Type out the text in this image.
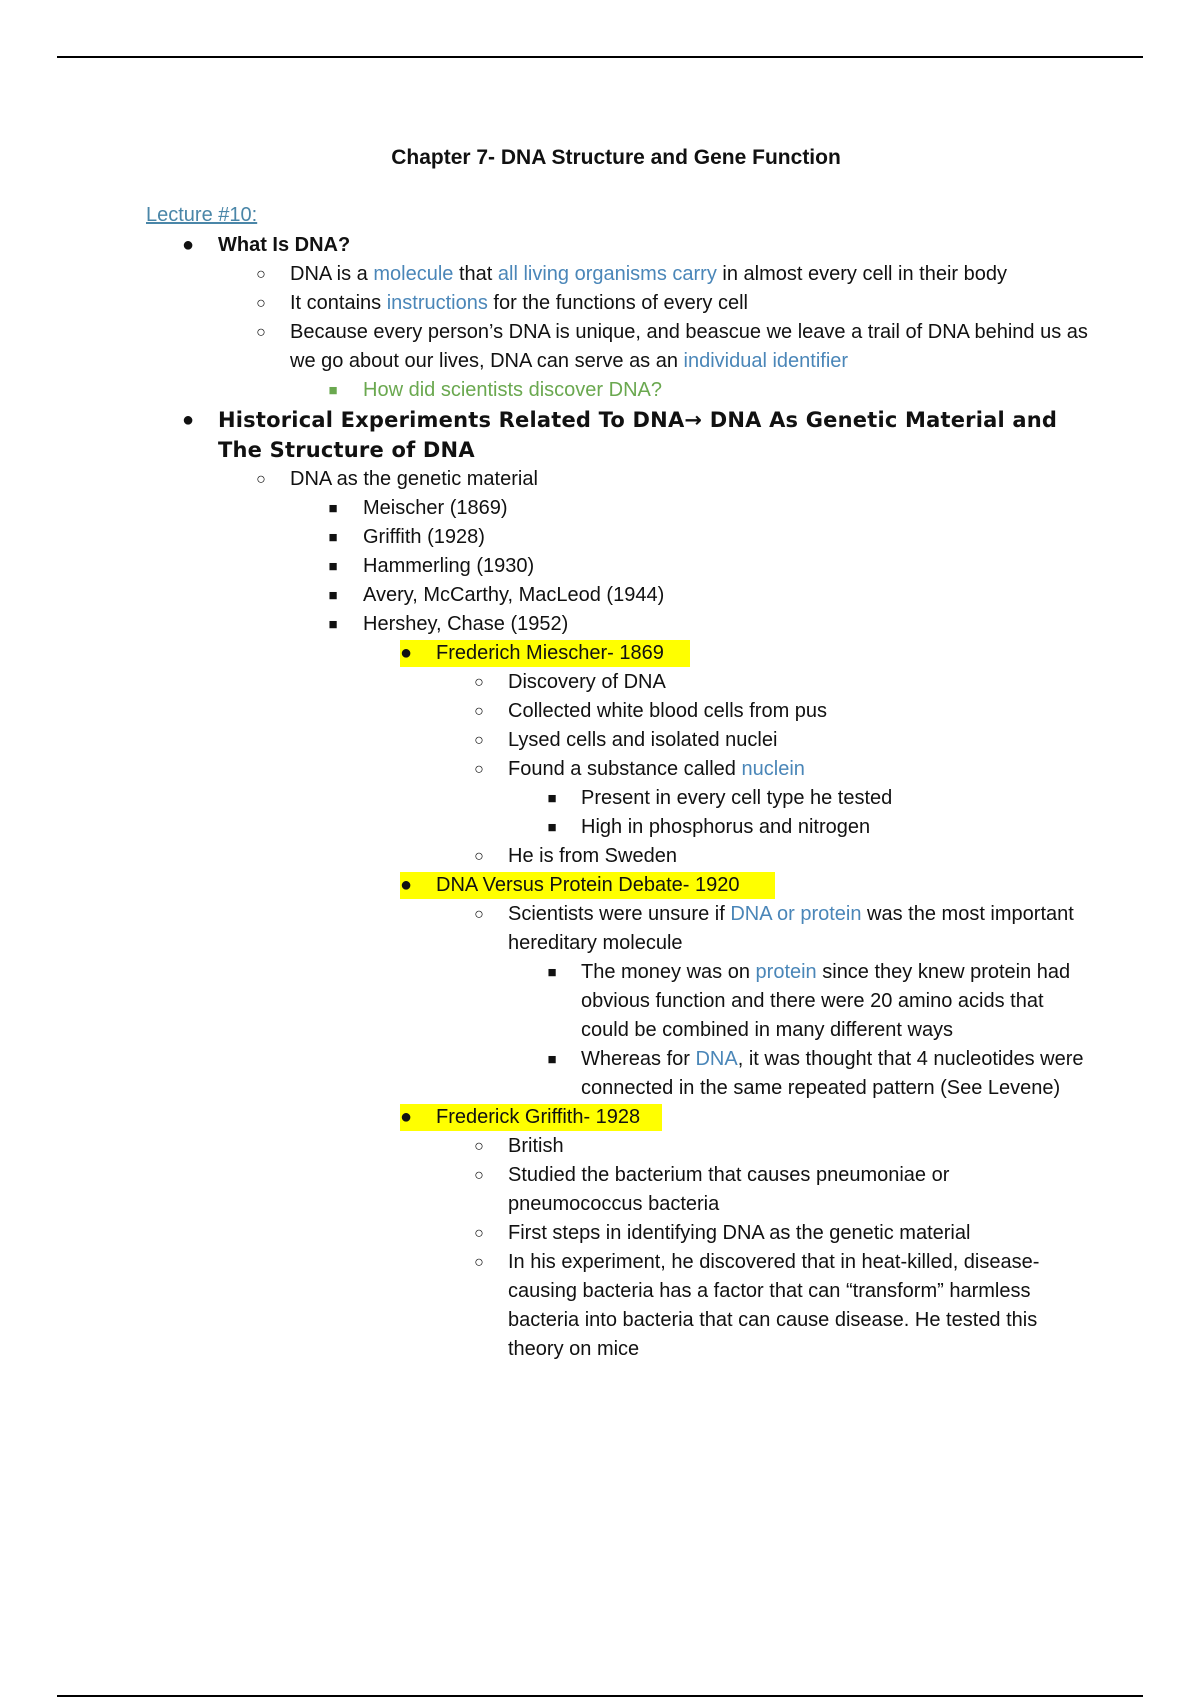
Chapter 7- DNA Structure and Gene Function
Lecture #10:
● What Is DNA?
○ DNA is a molecule that all living organisms carry in almost every cell in their body
○ It contains instructions for the functions of every cell
○ Because every person’s DNA is unique, and beascue we leave a trail of DNA behind us as we go about our lives, DNA can serve as an individual identifier
■ How did scientists discover DNA?
● Historical Experiments Related To DNA→ DNA As Genetic Material and The Structure of DNA
○ DNA as the genetic material
■ Meischer (1869)
■ Griffith (1928)
■ Hammerling (1930)
■ Avery, McCarthy, MacLeod (1944)
■ Hershey, Chase (1952)
● Frederich Miescher- 1869
○ Discovery of DNA
○ Collected white blood cells from pus
○ Lysed cells and isolated nuclei
○ Found a substance called nuclein
■ Present in every cell type he tested
■ High in phosphorus and nitrogen
○ He is from Sweden
● DNA Versus Protein Debate- 1920
○ Scientists were unsure if DNA or protein was the most important hereditary molecule
■ The money was on protein since they knew protein had obvious function and there were 20 amino acids that could be combined in many different ways
■ Whereas for DNA, it was thought that 4 nucleotides were connected in the same repeated pattern (See Levene)
● Frederick Griffith- 1928
○ British
○ Studied the bacterium that causes pneumoniae or pneumococcus bacteria
○ First steps in identifying DNA as the genetic material
○ In his experiment, he discovered that in heat-killed, disease-causing bacteria has a factor that can “transform” harmless bacteria into bacteria that can cause disease. He tested this theory on mice
